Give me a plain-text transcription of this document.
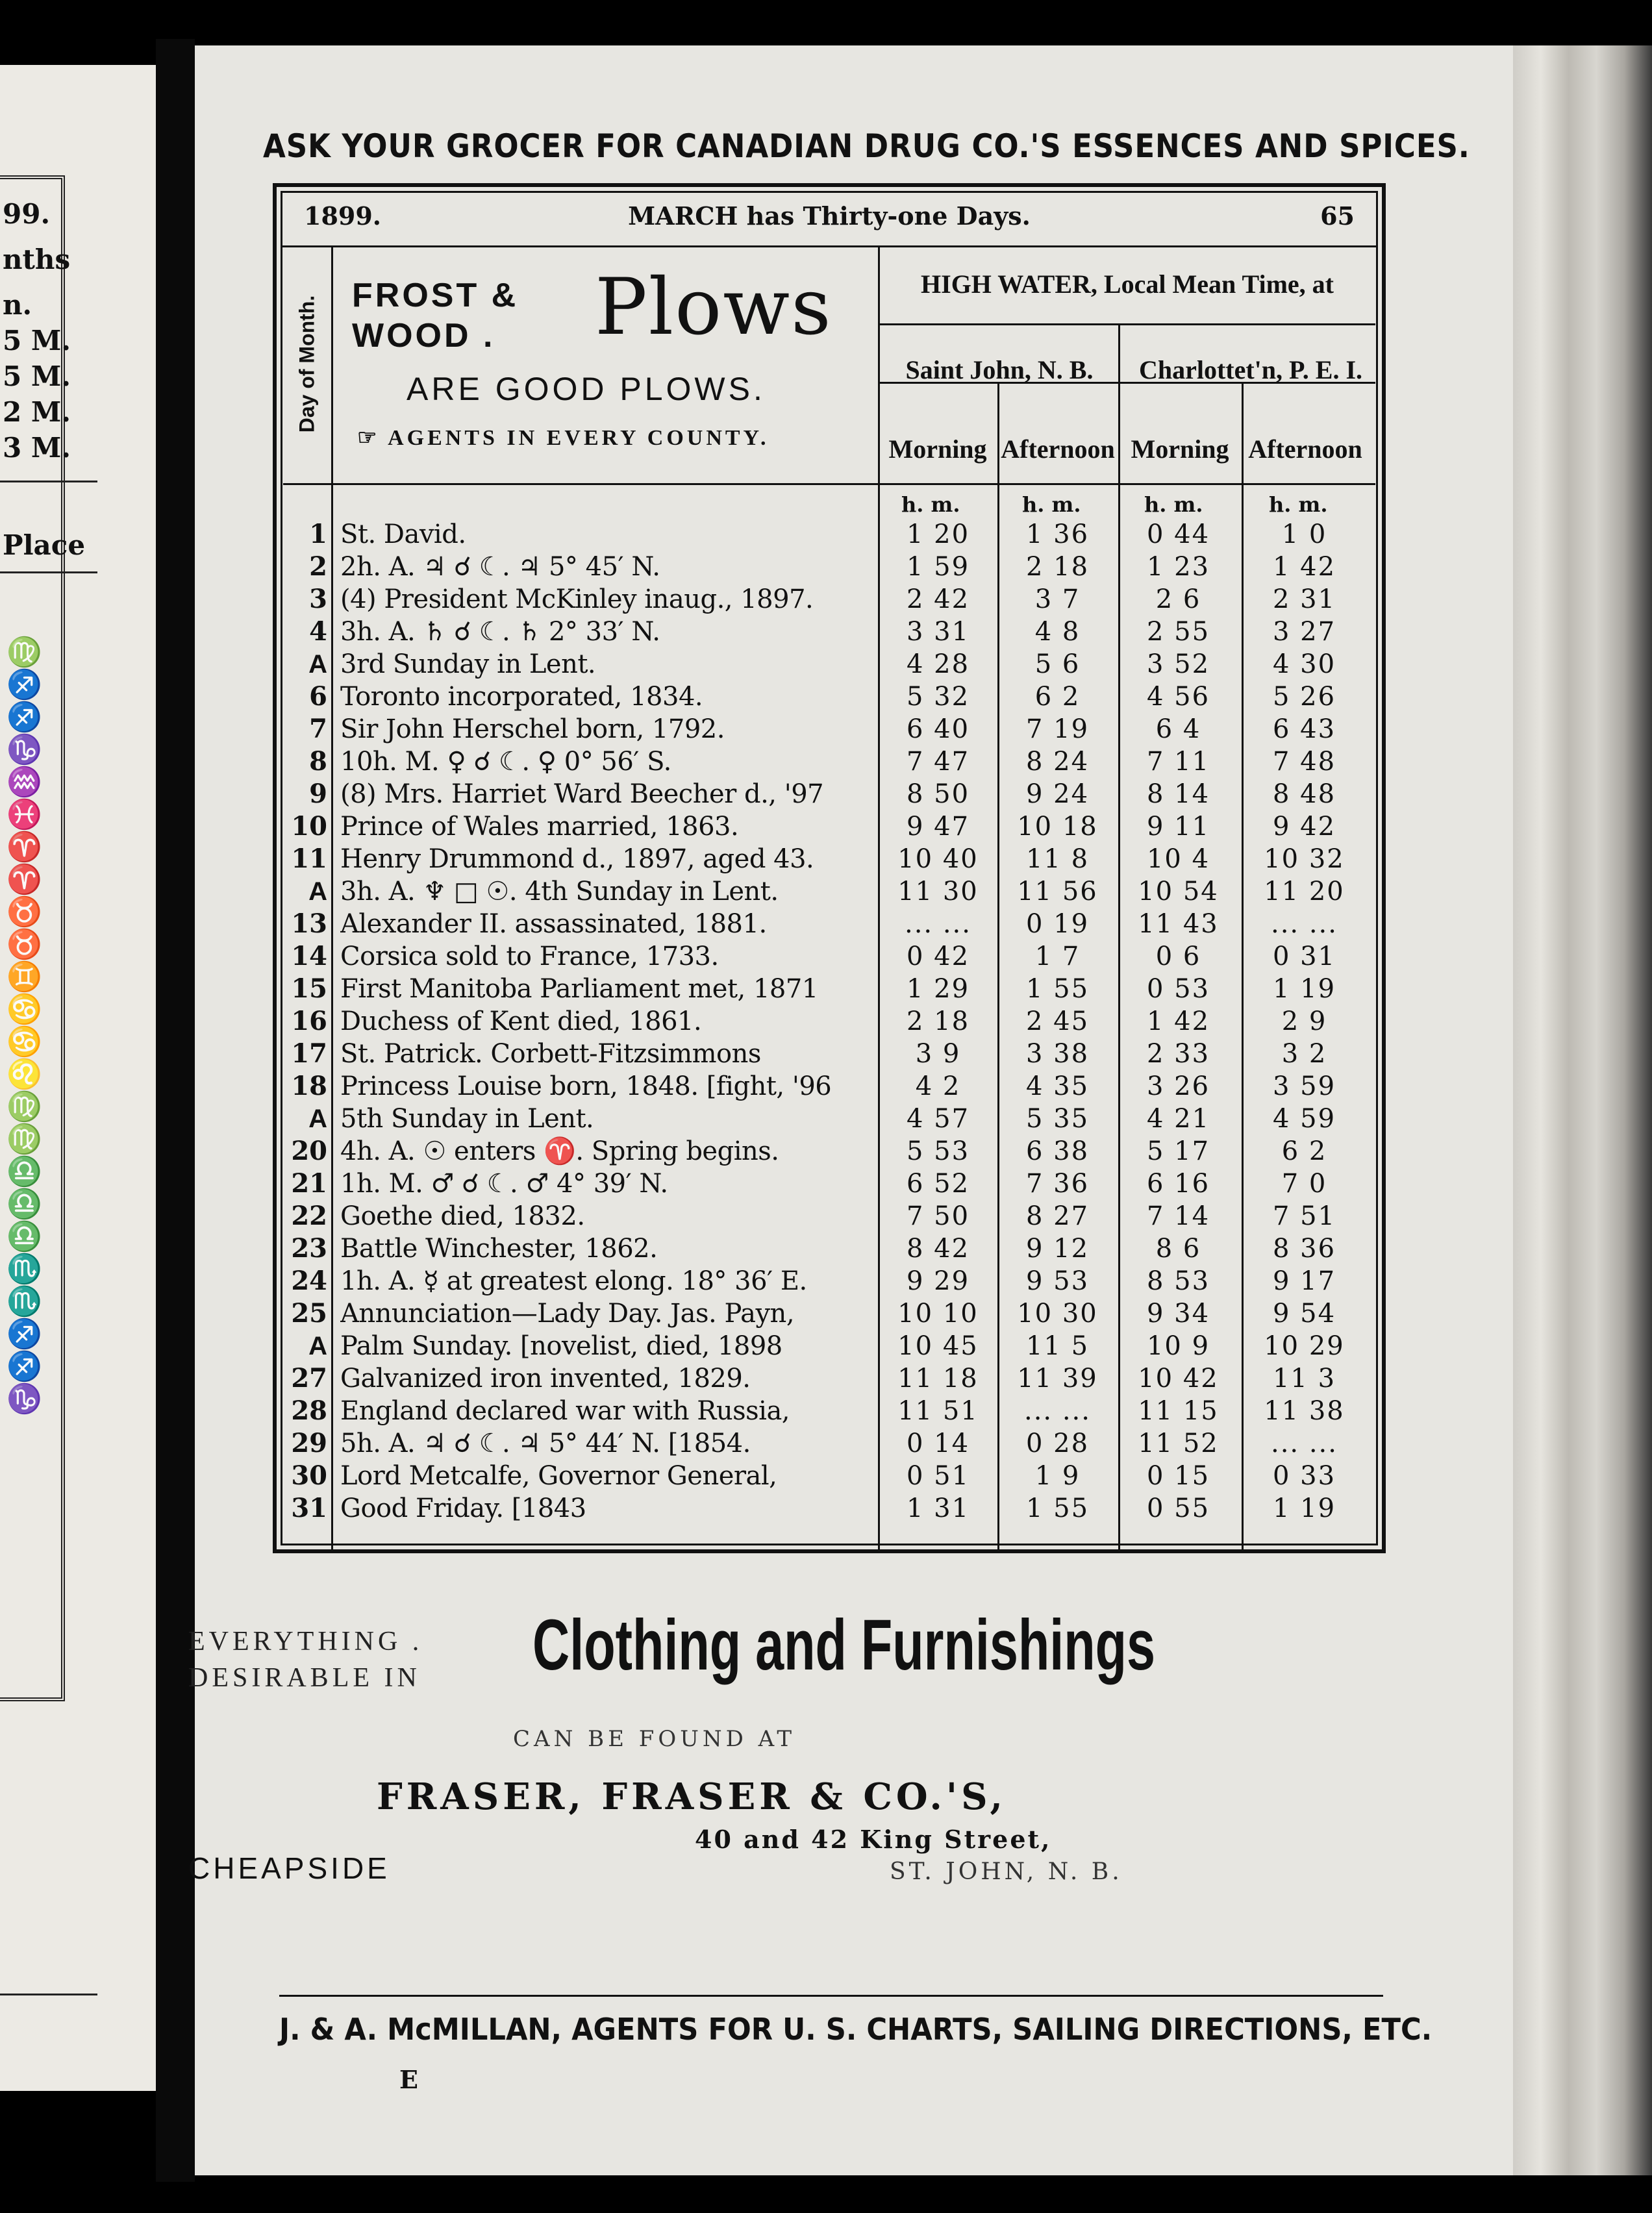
99.
nths
n.
5 M.
5 M.
2 M.
3 M.
Place
♍
♐
♐
♑
♒
♓
♈
♈
♉
♉
♊
♋
♋
♌
♍
♍
♎
♎
♎
♏
♏
♐
♐
♑
ASK YOUR GROCER FOR CANADIAN DRUG CO.'S ESSENCES AND SPICES.
1899.	MARCH has Thirty-one Days.	65
Day of Month. FROST &
WOOD . Plows
ARE GOOD PLOWS.
☞ AGENTS IN EVERY COUNTY.
HIGH WATER, Local Mean Time, at
Saint John, N. B.	Charlottet'n, P. E. I.
Morning Afternoon Morning Afternoon
h. m.	h. m.	h. m.	h. m.
1 St. David.	1 20	1 36	0 44	1 0
2 2h. A. ♃ ☌ ☾. ♃ 5° 45′ N.	1 59	2 18	1 23	1 42
3 (4) President McKinley inaug., 1897.	2 42	3 7	2 6	2 31
4 3h. A. ♄ ☌ ☾. ♄ 2° 33′ N.	3 31	4 8	2 55	3 27
A 3rd Sunday in Lent.	4 28	5 6	3 52	4 30
6 Toronto incorporated, 1834.	5 32	6 2	4 56	5 26
7 Sir John Herschel born, 1792.	6 40	7 19	6 4	6 43
8 10h. M. ♀ ☌ ☾. ♀ 0° 56′ S.	7 47	8 24	7 11	7 48
9 (8) Mrs. Harriet Ward Beecher d., '97	8 50	9 24	8 14	8 48
10 Prince of Wales married, 1863.	9 47	10 18	9 11	9 42
11 Henry Drummond d., 1897, aged 43.	10 40	11 8	10 4	10 32
A 3h. A. ♆ □ ☉. 4th Sunday in Lent.	11 30	11 56	10 54	11 20
13 Alexander II. assassinated, 1881.	... ...	0 19	11 43	... ...
14 Corsica sold to France, 1733.	0 42	1 7	0 6	0 31
15 First Manitoba Parliament met, 1871	1 29	1 55	0 53	1 19
16 Duchess of Kent died, 1861.	2 18	2 45	1 42	2 9
17 St. Patrick. Corbett-Fitzsimmons	3 9	3 38	2 33	3 2
18 Princess Louise born, 1848. [fight, '96	4 2	4 35	3 26	3 59
A 5th Sunday in Lent.	4 57	5 35	4 21	4 59
20 4h. A. ☉ enters ♈. Spring begins.	5 53	6 38	5 17	6 2
21 1h. M. ♂ ☌ ☾. ♂ 4° 39′ N.	6 52	7 36	6 16	7 0
22 Goethe died, 1832.	7 50	8 27	7 14	7 51
23 Battle Winchester, 1862.	8 42	9 12	8 6	8 36
24 1h. A. ☿ at greatest elong. 18° 36′ E.	9 29	9 53	8 53	9 17
25 Annunciation—Lady Day. Jas. Payn,	10 10	10 30	9 34	9 54
A Palm Sunday. [novelist, died, 1898	10 45	11 5	10 9	10 29
27 Galvanized iron invented, 1829.	11 18	11 39	10 42	11 3
28 England declared war with Russia,	11 51	... ...	11 15	11 38
29 5h. A. ♃ ☌ ☾. ♃ 5° 44′ N. [1854.	0 14	0 28	11 52	... ...
30 Lord Metcalfe, Governor General,	0 51	1 9	0 15	0 33
31 Good Friday. [1843	1 31	1 55	0 55	1 19
EVERYTHING .
DESIRABLE IN Clothing and Furnishings
CAN BE FOUND AT
FRASER, FRASER & CO.'S,
40 and 42 King Street,
CHEAPSIDE	ST. JOHN, N. B.
J. & A. McMILLAN, AGENTS FOR U. S. CHARTS, SAILING DIRECTIONS, ETC.
E
